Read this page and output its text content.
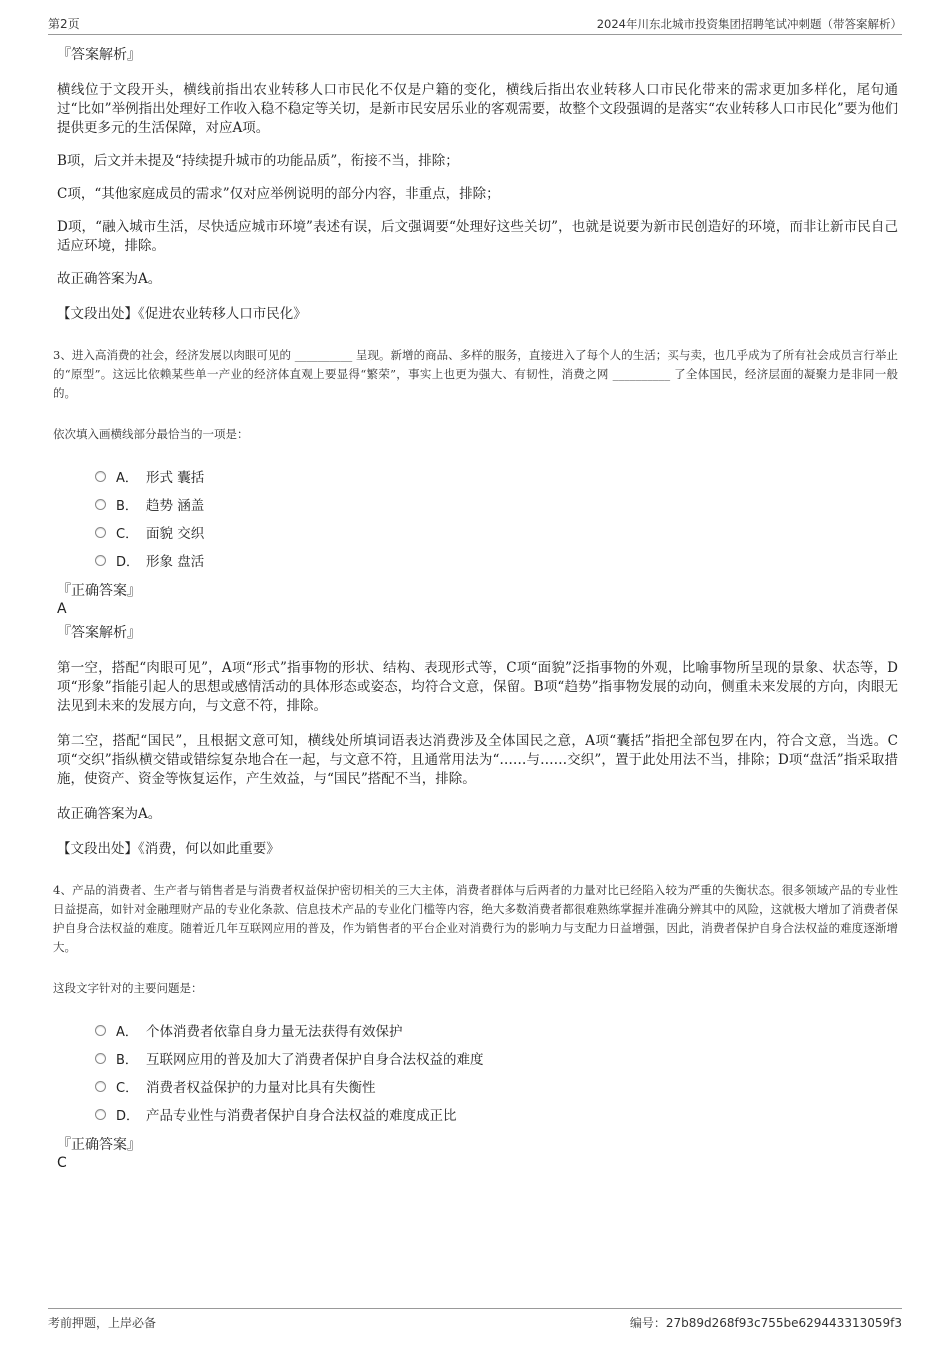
第2页	2024年川东北城市投资集团招聘笔试冲刺题（带答案解析）
『答案解析』

横线位于文段开头，横线前指出农业转移人口市民化不仅是户籍的变化，横线后指出农业转移人口市民化带来的需求更加多样化，尾句通过“比如”举例指出处理好工作收入稳不稳定等关切，是新市民安居乐业的客观需要，故整个文段强调的是落实“农业转移人口市民化”要为他们提供更多元的生活保障，对应A项。

B项，后文并未提及“持续提升城市的功能品质”，衔接不当，排除；

C项，“其他家庭成员的需求”仅对应举例说明的部分内容，非重点，排除；

D项，“融入城市生活，尽快适应城市环境”表述有误，后文强调要“处理好这些关切”，也就是说要为新市民创造好的环境，而非让新市民自己适应环境，排除。

故正确答案为A。

【文段出处】《促进农业转移人口市民化》

3、进入高消费的社会，经济发展以肉眼可见的 __________ 呈现。新增的商品、多样的服务，直接进入了每个人的生活；买与卖，也几乎成为了所有社会成员言行举止的“原型”。这远比依赖某些单一产业的经济体直观上要显得“繁荣”，事实上也更为强大、有韧性，消费之网 __________ 了全体国民，经济层面的凝聚力是非同一般的。

依次填入画横线部分最恰当的一项是：

A． 形式 囊括
B． 趋势 涵盖
C． 面貌 交织
D． 形象 盘活
『正确答案』
A
『答案解析』

第一空，搭配“肉眼可见”，A项“形式”指事物的形状、结构、表现形式等，C项“面貌”泛指事物的外观，比喻事物所呈现的景象、状态等，D项“形象”指能引起人的思想或感情活动的具体形态或姿态，均符合文意，保留。B项“趋势”指事物发展的动向，侧重未来发展的方向，肉眼无法见到未来的发展方向，与文意不符，排除。

第二空，搭配“国民”，且根据文意可知，横线处所填词语表达消费涉及全体国民之意，A项“囊括”指把全部包罗在内，符合文意，当选。C项“交织”指纵横交错或错综复杂地合在一起，与文意不符，且通常用法为“……与……交织”，置于此处用法不当，排除；D项“盘活”指采取措施，使资产、资金等恢复运作，产生效益，与“国民”搭配不当，排除。

故正确答案为A。

【文段出处】《消费，何以如此重要》

4、产品的消费者、生产者与销售者是与消费者权益保护密切相关的三大主体，消费者群体与后两者的力量对比已经陷入较为严重的失衡状态。很多领域产品的专业性日益提高，如针对金融理财产品的专业化条款、信息技术产品的专业化门槛等内容，绝大多数消费者都很难熟练掌握并准确分辨其中的风险，这就极大增加了消费者保护自身合法权益的难度。随着近几年互联网应用的普及，作为销售者的平台企业对消费行为的影响力与支配力日益增强，因此，消费者保护自身合法权益的难度逐渐增大。

这段文字针对的主要问题是：

A． 个体消费者依靠自身力量无法获得有效保护
B． 互联网应用的普及加大了消费者保护自身合法权益的难度
C． 消费者权益保护的力量对比具有失衡性
D． 产品专业性与消费者保护自身合法权益的难度成正比
『正确答案』
C
考前押题，上岸必备	编号：27b89d268f93c755be629443313059f3
